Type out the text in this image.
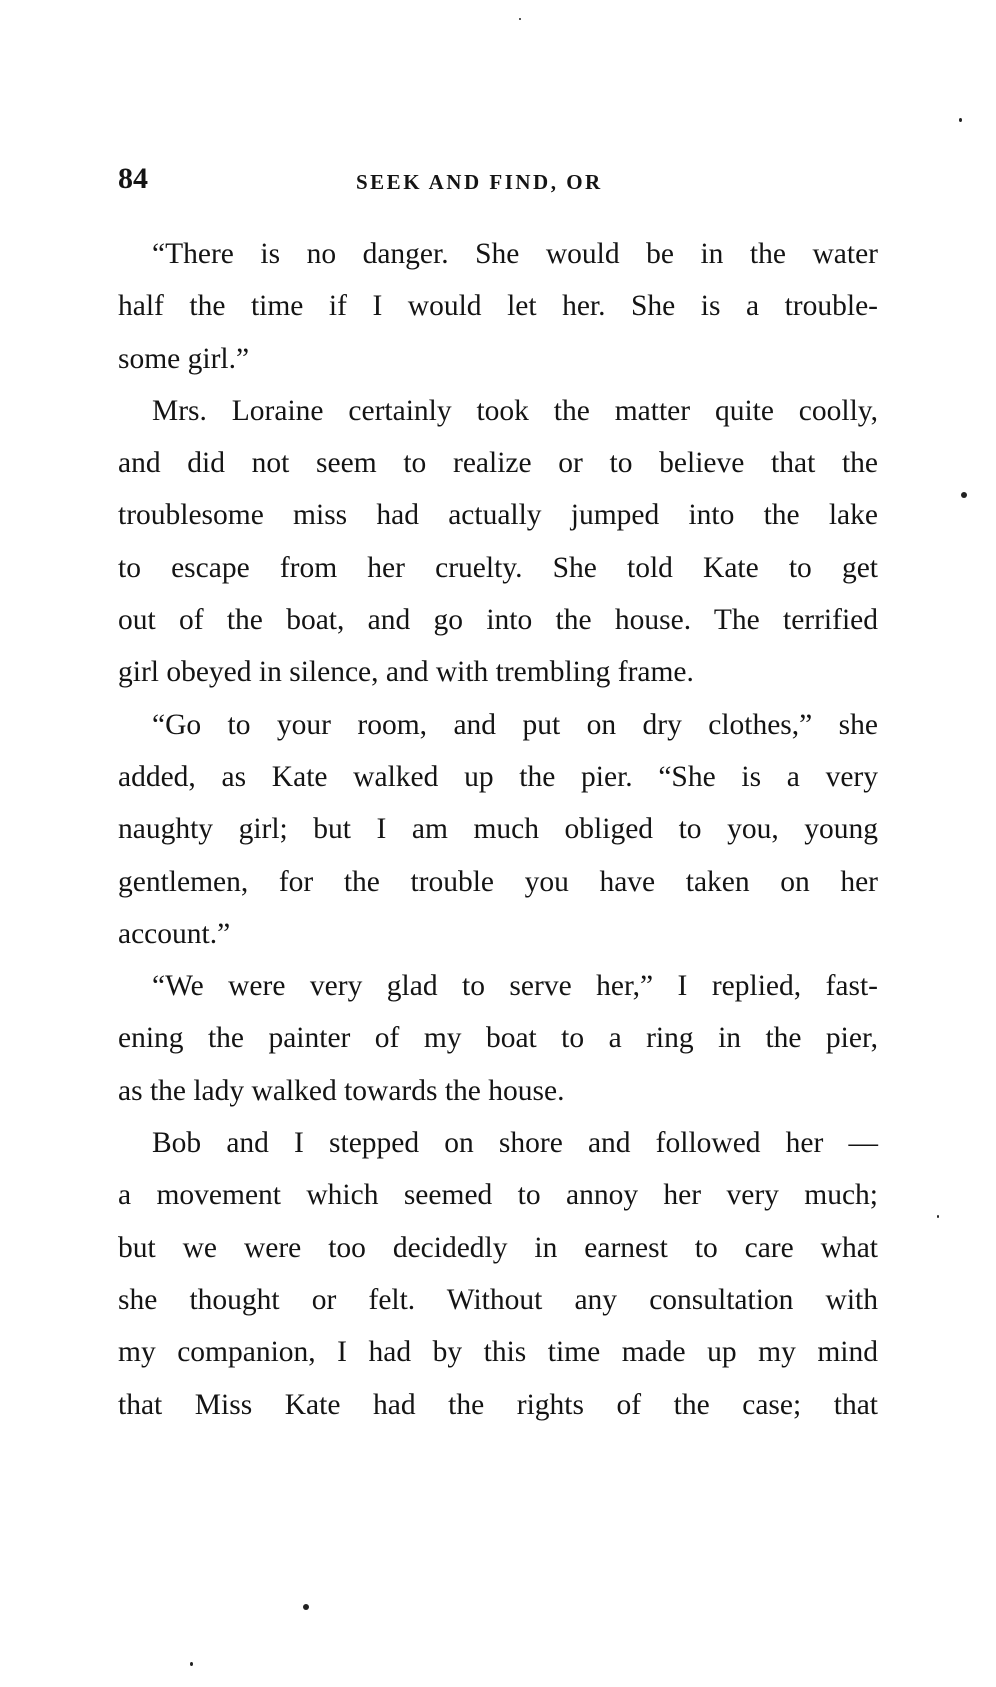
84	SEEK AND FIND, OR
“There is no danger. She would be in the water
half the time if I would let her. She is a trouble-
some girl.”
Mrs. Loraine certainly took the matter quite coolly,
and did not seem to realize or to believe that the
troublesome miss had actually jumped into the lake
to escape from her cruelty. She told Kate to get
out of the boat, and go into the house. The terrified
girl obeyed in silence, and with trembling frame.
“Go to your room, and put on dry clothes,” she
added, as Kate walked up the pier. “She is a very
naughty girl; but I am much obliged to you, young
gentlemen, for the trouble you have taken on her
account.”
“We were very glad to serve her,” I replied, fast-
ening the painter of my boat to a ring in the pier,
as the lady walked towards the house.
Bob and I stepped on shore and followed her —
a movement which seemed to annoy her very much;
but we were too decidedly in earnest to care what
she thought or felt. Without any consultation with
my companion, I had by this time made up my mind
that Miss Kate had the rights of the case; that
